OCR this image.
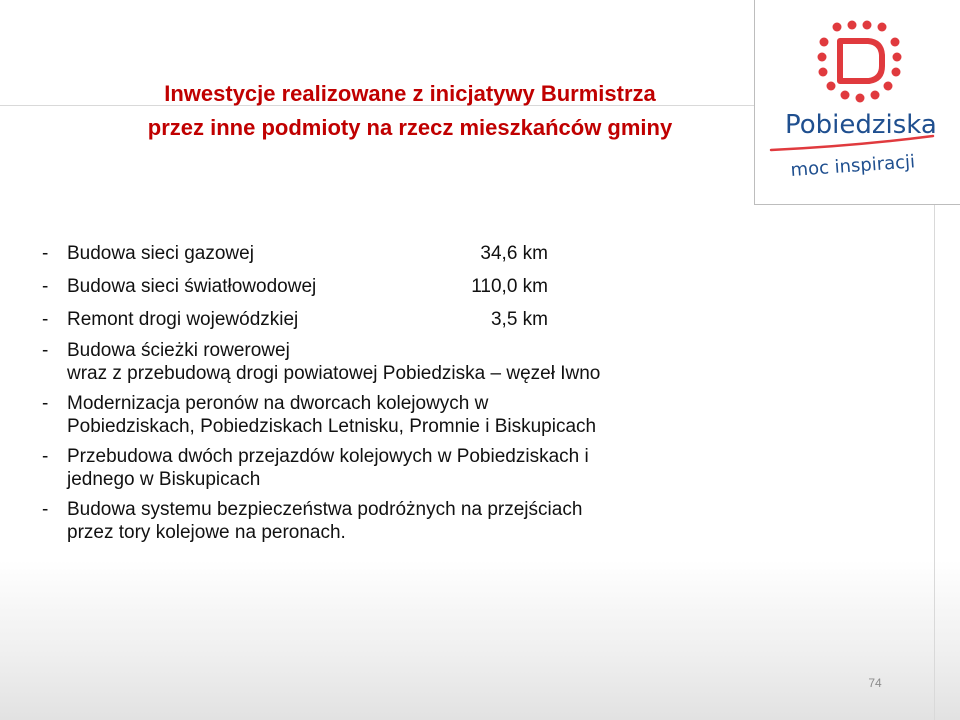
Pobiedziska
moc inspiracji
Inwestycje realizowane z inicjatywy Burmistrza
przez inne podmioty na rzecz mieszkańców gminy
- Budowa sieci gazowej	34,6 km
- Budowa sieci światłowodowej	110,0 km
- Remont drogi wojewódzkiej	3,5 km
- Budowa ścieżki rowerowej
wraz z przebudową drogi powiatowej Pobiedziska – węzeł Iwno
- Modernizacja peronów na dworcach kolejowych w
Pobiedziskach, Pobiedziskach Letnisku, Promnie i Biskupicach
- Przebudowa dwóch przejazdów kolejowych w Pobiedziskach i
jednego w Biskupicach
- Budowa systemu bezpieczeństwa podróżnych na przejściach
przez tory kolejowe na peronach.
74
